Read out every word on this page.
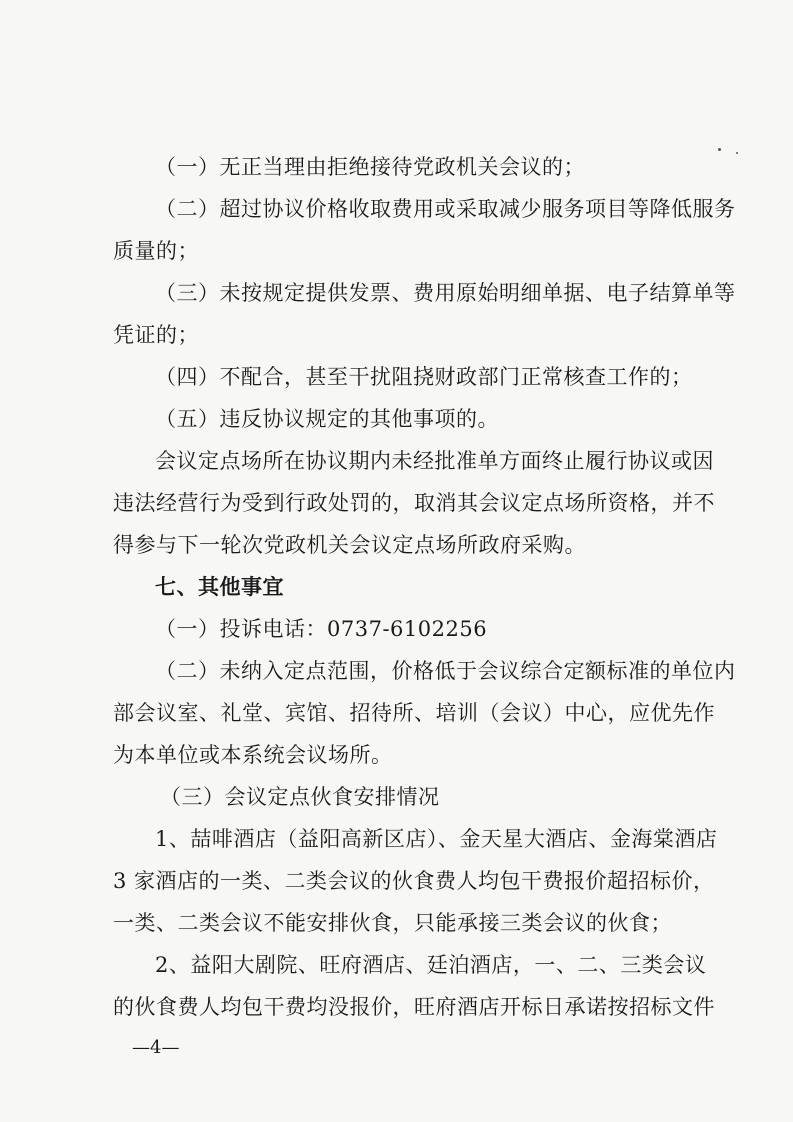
（一）无正当理由拒绝接待党政机关会议的；
（二）超过协议价格收取费用或采取减少服务项目等降低服务
质量的；
（三）未按规定提供发票、费用原始明细单据、电子结算单等
凭证的；
（四）不配合，甚至干扰阻挠财政部门正常核查工作的；
（五）违反协议规定的其他事项的。
会议定点场所在协议期内未经批准单方面终止履行协议或因
违法经营行为受到行政处罚的，取消其会议定点场所资格，并不
得参与下一轮次党政机关会议定点场所政府采购。
七、其他事宜
（一）投诉电话：0737-6102256
（二）未纳入定点范围，价格低于会议综合定额标准的单位内
部会议室、礼堂、宾馆、招待所、培训（会议）中心，应优先作
为本单位或本系统会议场所。
（三）会议定点伙食安排情况
1、喆啡酒店（益阳高新区店）、金天星大酒店、金海棠酒店
3 家酒店的一类、二类会议的伙食费人均包干费报价超招标价，
一类、二类会议不能安排伙食，只能承接三类会议的伙食；
2、益阳大剧院、旺府酒店、廷泊酒店，一、二、三类会议
的伙食费人均包干费均没报价，旺府酒店开标日承诺按招标文件
—4—
